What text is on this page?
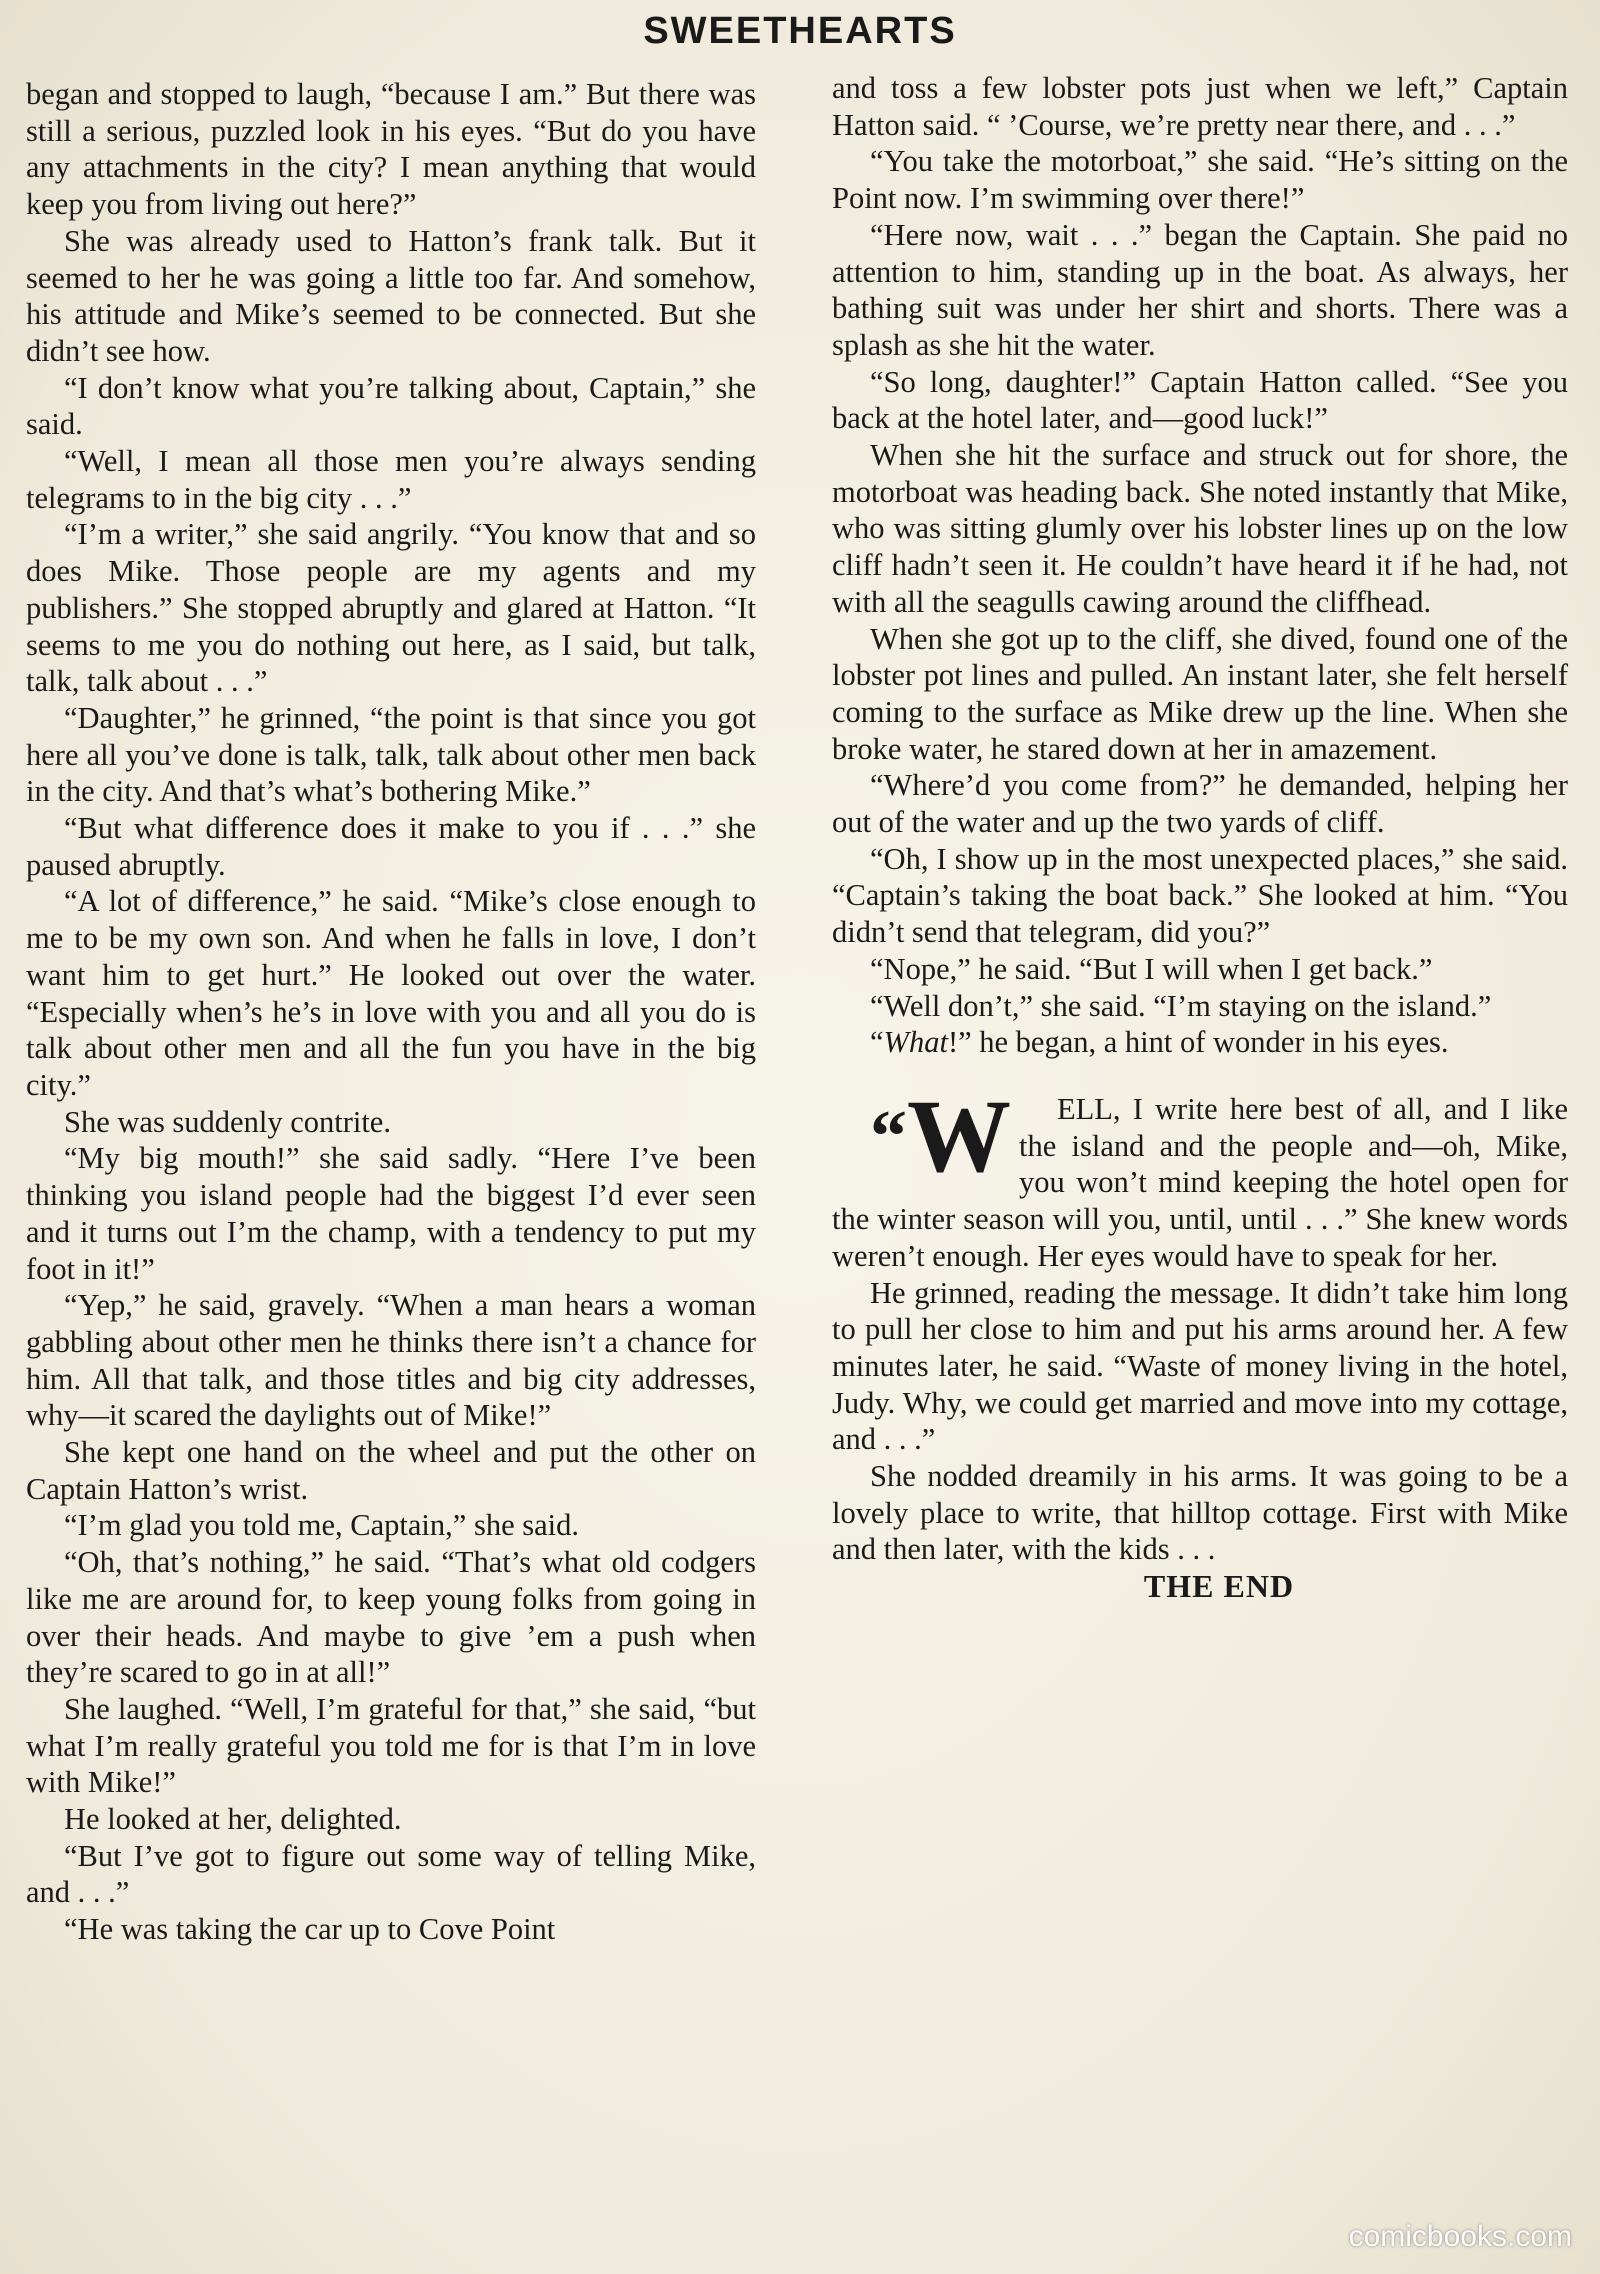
SWEETHEARTS

began and stopped to laugh, “because I am.” But there was still a serious, puzzled look in his eyes. “But do you have any attachments in the city? I mean anything that would keep you from living out here?”

She was already used to Hatton’s frank talk. But it seemed to her he was going a little too far. And somehow, his attitude and Mike’s seemed to be connected. But she didn’t see how.

“I don’t know what you’re talking about, Captain,” she said.

“Well, I mean all those men you’re always sending telegrams to in the big city . . .”

“I’m a writer,” she said angrily. “You know that and so does Mike. Those people are my agents and my publishers.” She stopped abruptly and glared at Hatton. “It seems to me you do nothing out here, as I said, but talk, talk, talk about . . .”

“Daughter,” he grinned, “the point is that since you got here all you’ve done is talk, talk, talk about other men back in the city. And that’s what’s bothering Mike.”

“But what difference does it make to you if . . .” she paused abruptly.

“A lot of difference,” he said. “Mike’s close enough to me to be my own son. And when he falls in love, I don’t want him to get hurt.” He looked out over the water. “Especially when’s he’s in love with you and all you do is talk about other men and all the fun you have in the big city.”

She was suddenly contrite.

“My big mouth!” she said sadly. “Here I’ve been thinking you island people had the biggest I’d ever seen and it turns out I’m the champ, with a tendency to put my foot in it!”

“Yep,” he said, gravely. “When a man hears a woman gabbling about other men he thinks there isn’t a chance for him. All that talk, and those titles and big city addresses, why—it scared the daylights out of Mike!”

She kept one hand on the wheel and put the other on Captain Hatton’s wrist.

“I’m glad you told me, Captain,” she said.

“Oh, that’s nothing,” he said. “That’s what old codgers like me are around for, to keep young folks from going in over their heads. And maybe to give ’em a push when they’re scared to go in at all!”

She laughed. “Well, I’m grateful for that,” she said, “but what I’m really grateful you told me for is that I’m in love with Mike!”

He looked at her, delighted.

“But I’ve got to figure out some way of telling Mike, and . . .”

“He was taking the car up to Cove Point

and toss a few lobster pots just when we left,” Captain Hatton said. “ ’Course, we’re pretty near there, and . . .”

“You take the motorboat,” she said. “He’s sitting on the Point now. I’m swimming over there!”

“Here now, wait . . .” began the Captain. She paid no attention to him, standing up in the boat. As always, her bathing suit was under her shirt and shorts. There was a splash as she hit the water.

“So long, daughter!” Captain Hatton called. “See you back at the hotel later, and—good luck!”

When she hit the surface and struck out for shore, the motorboat was heading back. She noted instantly that Mike, who was sitting glumly over his lobster lines up on the low cliff hadn’t seen it. He couldn’t have heard it if he had, not with all the seagulls cawing around the cliffhead.

When she got up to the cliff, she dived, found one of the lobster pot lines and pulled. An instant later, she felt herself coming to the surface as Mike drew up the line. When she broke water, he stared down at her in amazement.

“Where’d you come from?” he demanded, helping her out of the water and up the two yards of cliff.

“Oh, I show up in the most unexpected places,” she said. “Captain’s taking the boat back.” She looked at him. “You didn’t send that telegram, did you?”

“Nope,” he said. “But I will when I get back.”

“Well don’t,” she said. “I’m staying on the island.”

“What!” he began, a hint of wonder in his eyes.

“W ELL, I write here best of all, and I like the island and the people and—oh, Mike, you won’t mind keeping the hotel open for the winter season will you, until, until . . .” She knew words weren’t enough. Her eyes would have to speak for her.

He grinned, reading the message. It didn’t take him long to pull her close to him and put his arms around her. A few minutes later, he said. “Waste of money living in the hotel, Judy. Why, we could get married and move into my cottage, and . . .”

She nodded dreamily in his arms. It was going to be a lovely place to write, that hilltop cottage. First with Mike and then later, with the kids . . .

THE END

comicbooks.com
